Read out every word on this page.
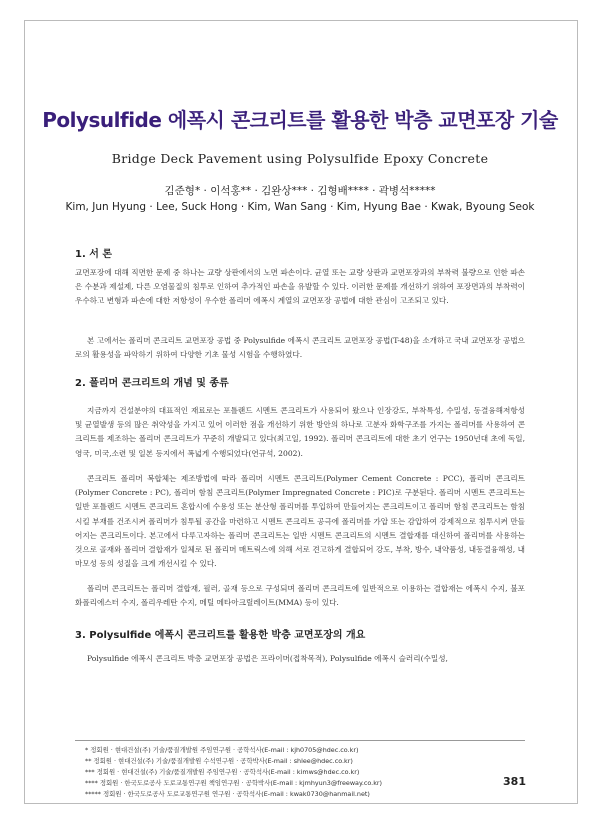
Polysulfide 에폭시 콘크리트를 활용한 박층 교면포장 기술
Bridge Deck Pavement using Polysulfide Epoxy Concrete
김준형* · 이석홍** · 김완상*** · 김형배**** · 곽병석*****
Kim, Jun Hyung · Lee, Suck Hong · Kim, Wan Sang · Kim, Hyung Bae · Kwak, Byoung Seok
1. 서 론

교면포장에 대해 직면한 문제 중 하나는 교량 상판에서의 노면 파손이다. 균열 또는 교량 상판과 교면포장과의 부착력 불량으로 인한 파손은 수분과 제설제, 다른 오염물질의 침투로 인하여 추가적인 파손을 유발할 수 있다. 이러한 문제를 개선하기 위하여 포장면과의 부착력이 우수하고 변형과 파손에 대한 저항성이 우수한 폴리머 에폭시 계열의 교면포장 공법에 대한 관심이 고조되고 있다.

본 고에서는 폴리머 콘크리트 교면포장 공법 중 Polysulfide 에폭시 콘크리트 교면포장 공법(T-48)을 소개하고 국내 교면포장 공법으로의 활용성을 파악하기 위하여 다양한 기초 물성 시험을 수행하였다.

2. 폴리머 콘크리트의 개념 및 종류

지금까지 건설분야의 대표적인 재료로는 포틀랜드 시멘트 콘크리트가 사용되어 왔으나 인장강도, 부착특성, 수밀성, 동결융해저항성 및 균열발생 등의 많은 취약성을 가지고 있어 이러한 점을 개선하기 위한 방안의 하나로 고분자 화학구조를 가지는 폴리머를 사용하여 콘크리트를 제조하는 폴리머 콘크리트가 꾸준히 개발되고 있다(최고일, 1992). 폴리머 콘크리트에 대한 초기 연구는 1950년대 초에 독일, 영국, 미국,소련 및 일본 등지에서 폭넓게 수행되었다(연규석, 2002).

콘크리트 폴리머 복합체는 제조방법에 따라 폴리머 시멘트 콘크리트(Polymer Cement Concrete : PCC), 폴리머 콘크리트(Polymer Concrete : PC), 폴리머 함침 콘크리트(Polymer Impregnated Concrete : PIC)로 구분된다. 폴리머 시멘트 콘크리트는 일반 포틀랜드 시멘트 콘크리트 혼합시에 수용성 또는 분산형 폴리머를 투입하여 만들어지는 콘크리트이고 폴리머 함침 콘크리트는 함침시킬 부재를 건조시켜 폴리머가 침투될 공간을 마련하고 시멘트 콘크리트 공극에 폴리머를 가압 또는 감압하여 강제적으로 침투시켜 만들어지는 콘크리트이다. 본고에서 다루고자하는 폴리머 콘크리트는 일반 시멘트 콘크리트의 시멘트 결합재를 대신하여 폴리머를 사용하는 것으로 골재와 폴리머 결합재가 일체로 된 폴리머 매트릭스에 의해 서로 견고하게 결합되어 강도, 부착, 방수, 내약품성, 내동결융해성, 내마모성 등의 성질을 크게 개선시킬 수 있다.

폴리머 콘크리트는 폴리머 결합재, 필러, 골재 등으로 구성되며 폴리머 콘크리트에 일반적으로 이용하는 결합재는 에폭시 수지, 불포화폴리에스터 수지, 폴리우레탄 수지, 메틸 메타아크릴레이트(MMA) 등이 있다.

3. Polysulfide 에폭시 콘크리트를 활용한 박층 교면포장의 개요

Polysulfide 에폭시 콘크리트 박층 교면포장 공법은 프라이머(접착목적), Polysulfide 에폭시 슬러리(수밀성,

* 정회원 · 현대건설(주) 기술/품질개발원 주임연구원 · 공학석사(E-mail : kjh0705@hdec.co.kr)
** 정회원 · 현대건설(주) 기술/품질개발원 수석연구원 · 공학박사(E-mail : shlee@hdec.co.kr)
*** 정회원 · 현대건설(주) 기술/품질개발원 주임연구원 · 공학석사(E-mail : kimws@hdec.co.kr)
**** 정회원 · 한국도로공사 도로교통연구원 책임연구원 · 공학박사(E-mail : kjmhyun3@freeway.co.kr)
***** 정회원 · 한국도로공사 도로교통연구원 연구원 · 공학석사(E-mail : kwak0730@hanmail.net)
381
